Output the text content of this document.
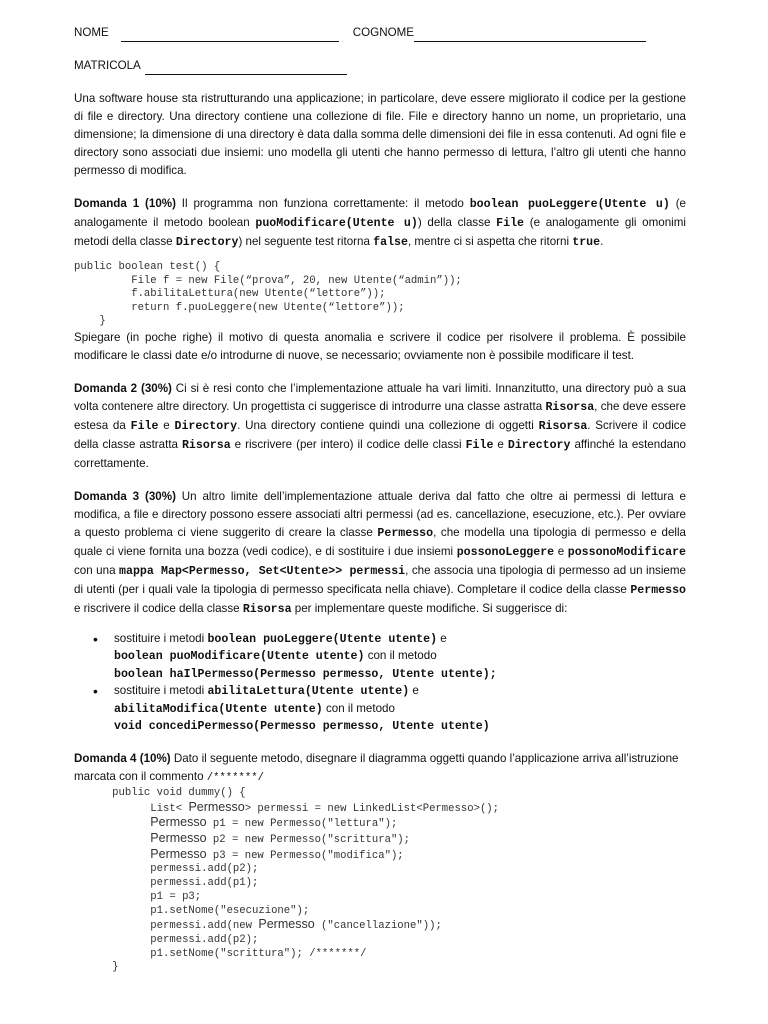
NOME	COGNOME
MATRICOLA

Una software house sta ristrutturando una applicazione; in particolare, deve essere migliorato il codice per la gestione di file e directory. Una directory contiene una collezione di file. File e directory hanno un nome, un proprietario, una dimensione; la dimensione di una directory è data dalla somma delle dimensioni dei file in essa contenuti. Ad ogni file e directory sono associati due insiemi: uno modella gli utenti che hanno permesso di lettura, l’altro gli utenti che hanno permesso di modifica.

Domanda 1 (10%) Il programma non funziona correttamente: il metodo boolean puoLeggere(Utente u) (e analogamente il metodo boolean puoModificare(Utente u)) della classe File (e analogamente gli omonimi metodi della classe Directory) nel seguente test ritorna false, mentre ci si aspetta che ritorni true.

public boolean test() {
File f = new File(“prova”, 20, new Utente(“admin”));
f.abilitaLettura(new Utente(“lettore”));
return f.puoLeggere(new Utente(“lettore”));
}

Spiegare (in poche righe) il motivo di questa anomalia e scrivere il codice per risolvere il problema. È possibile modificare le classi date e/o introdurne di nuove, se necessario; ovviamente non è possibile modificare il test.

Domanda 2 (30%) Ci si è resi conto che l’implementazione attuale ha vari limiti. Innanzitutto, una directory può a sua volta contenere altre directory. Un progettista ci suggerisce di introdurre una classe astratta Risorsa, che deve essere estesa da File e Directory. Una directory contiene quindi una collezione di oggetti Risorsa. Scrivere il codice della classe astratta Risorsa e riscrivere (per intero) il codice delle classi File e Directory affinché la estendano correttamente.

Domanda 3 (30%) Un altro limite dell’implementazione attuale deriva dal fatto che oltre ai permessi di lettura e modifica, a file e directory possono essere associati altri permessi (ad es. cancellazione, esecuzione, etc.). Per ovviare a questo problema ci viene suggerito di creare la classe Permesso, che modella una tipologia di permesso e della quale ci viene fornita una bozza (vedi codice), e di sostituire i due insiemi possonoLeggere e possonoModificare con una mappa Map<Permesso, Set<Utente>> permessi, che associa una tipologia di permesso ad un insieme di utenti (per i quali vale la tipologia di permesso specificata nella chiave). Completare il codice della classe Permesso e riscrivere il codice della classe Risorsa per implementare queste modifiche. Si suggerisce di:

• sostituire i metodi boolean puoLeggere(Utente utente) e
boolean puoModificare(Utente utente) con il metodo
boolean haIlPermesso(Permesso permesso, Utente utente);
• sostituire i metodi abilitaLettura(Utente utente) e
abilitaModifica(Utente utente) con il metodo
void concediPermesso(Permesso permesso, Utente utente)

Domanda 4 (10%) Dato il seguente metodo, disegnare il diagramma oggetti quando l’applicazione arriva all’istruzione marcata con il commento /*******/

public void dummy() {
List< Permesso> permessi = new LinkedList<Permesso>();
Permesso p1 = new Permesso("lettura");
Permesso p2 = new Permesso("scrittura");
Permesso p3 = new Permesso("modifica");
permessi.add(p2);
permessi.add(p1);
p1 = p3;
p1.setNome("esecuzione");
permessi.add(new Permesso ("cancellazione"));
permessi.add(p2);
p1.setNome("scrittura"); /*******/
}
